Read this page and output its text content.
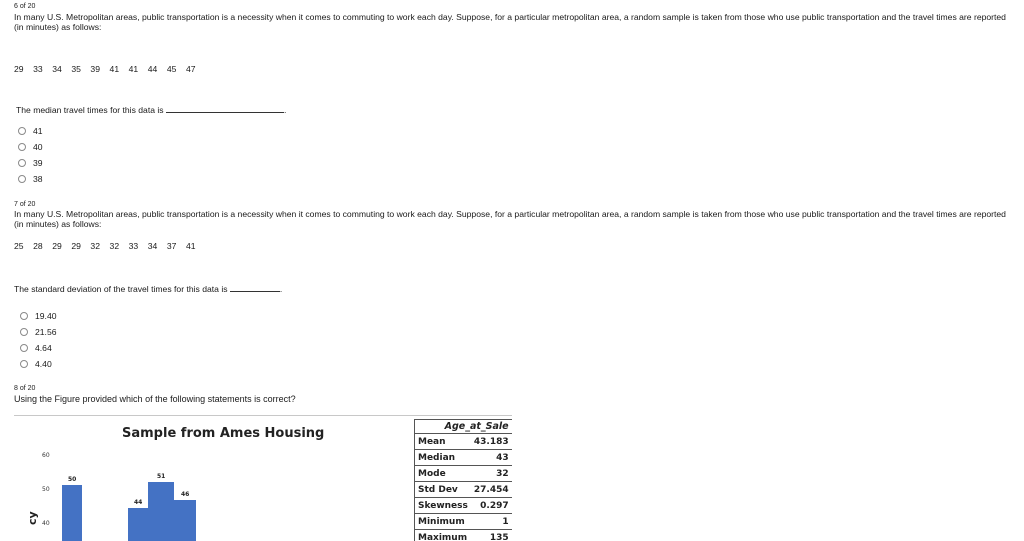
6 of 20
In many U.S. Metropolitan areas, public transportation is a necessity when it comes to commuting to work each day. Suppose, for a particular metropolitan area, a random sample is taken from those who use public transportation and the travel times are reported (in minutes) as follows:
29    33    34    35    39    41    41    44    45    47
The median travel times for this data is	.
41
40
39
38
7 of 20
In many U.S. Metropolitan areas, public transportation is a necessity when it comes to commuting to work each day. Suppose, for a particular metropolitan area, a random sample is taken from those who use public transportation and the travel times are reported (in minutes) as follows:
25    28    29    29    32    32    33    34    37    41
The standard deviation of the travel times for this data is	.
19.40
21.56
4.64
4.40
8 of 20
Using the Figure provided which of the following statements is correct?
Sample from Ames Housing
60
50
40
cy
50
44
51
46
Age_at_Sale	
Mean	43.183
Median	43
Mode	32
Std Dev	27.454
Skewness	0.297
Minimum	1
Maximum	135
